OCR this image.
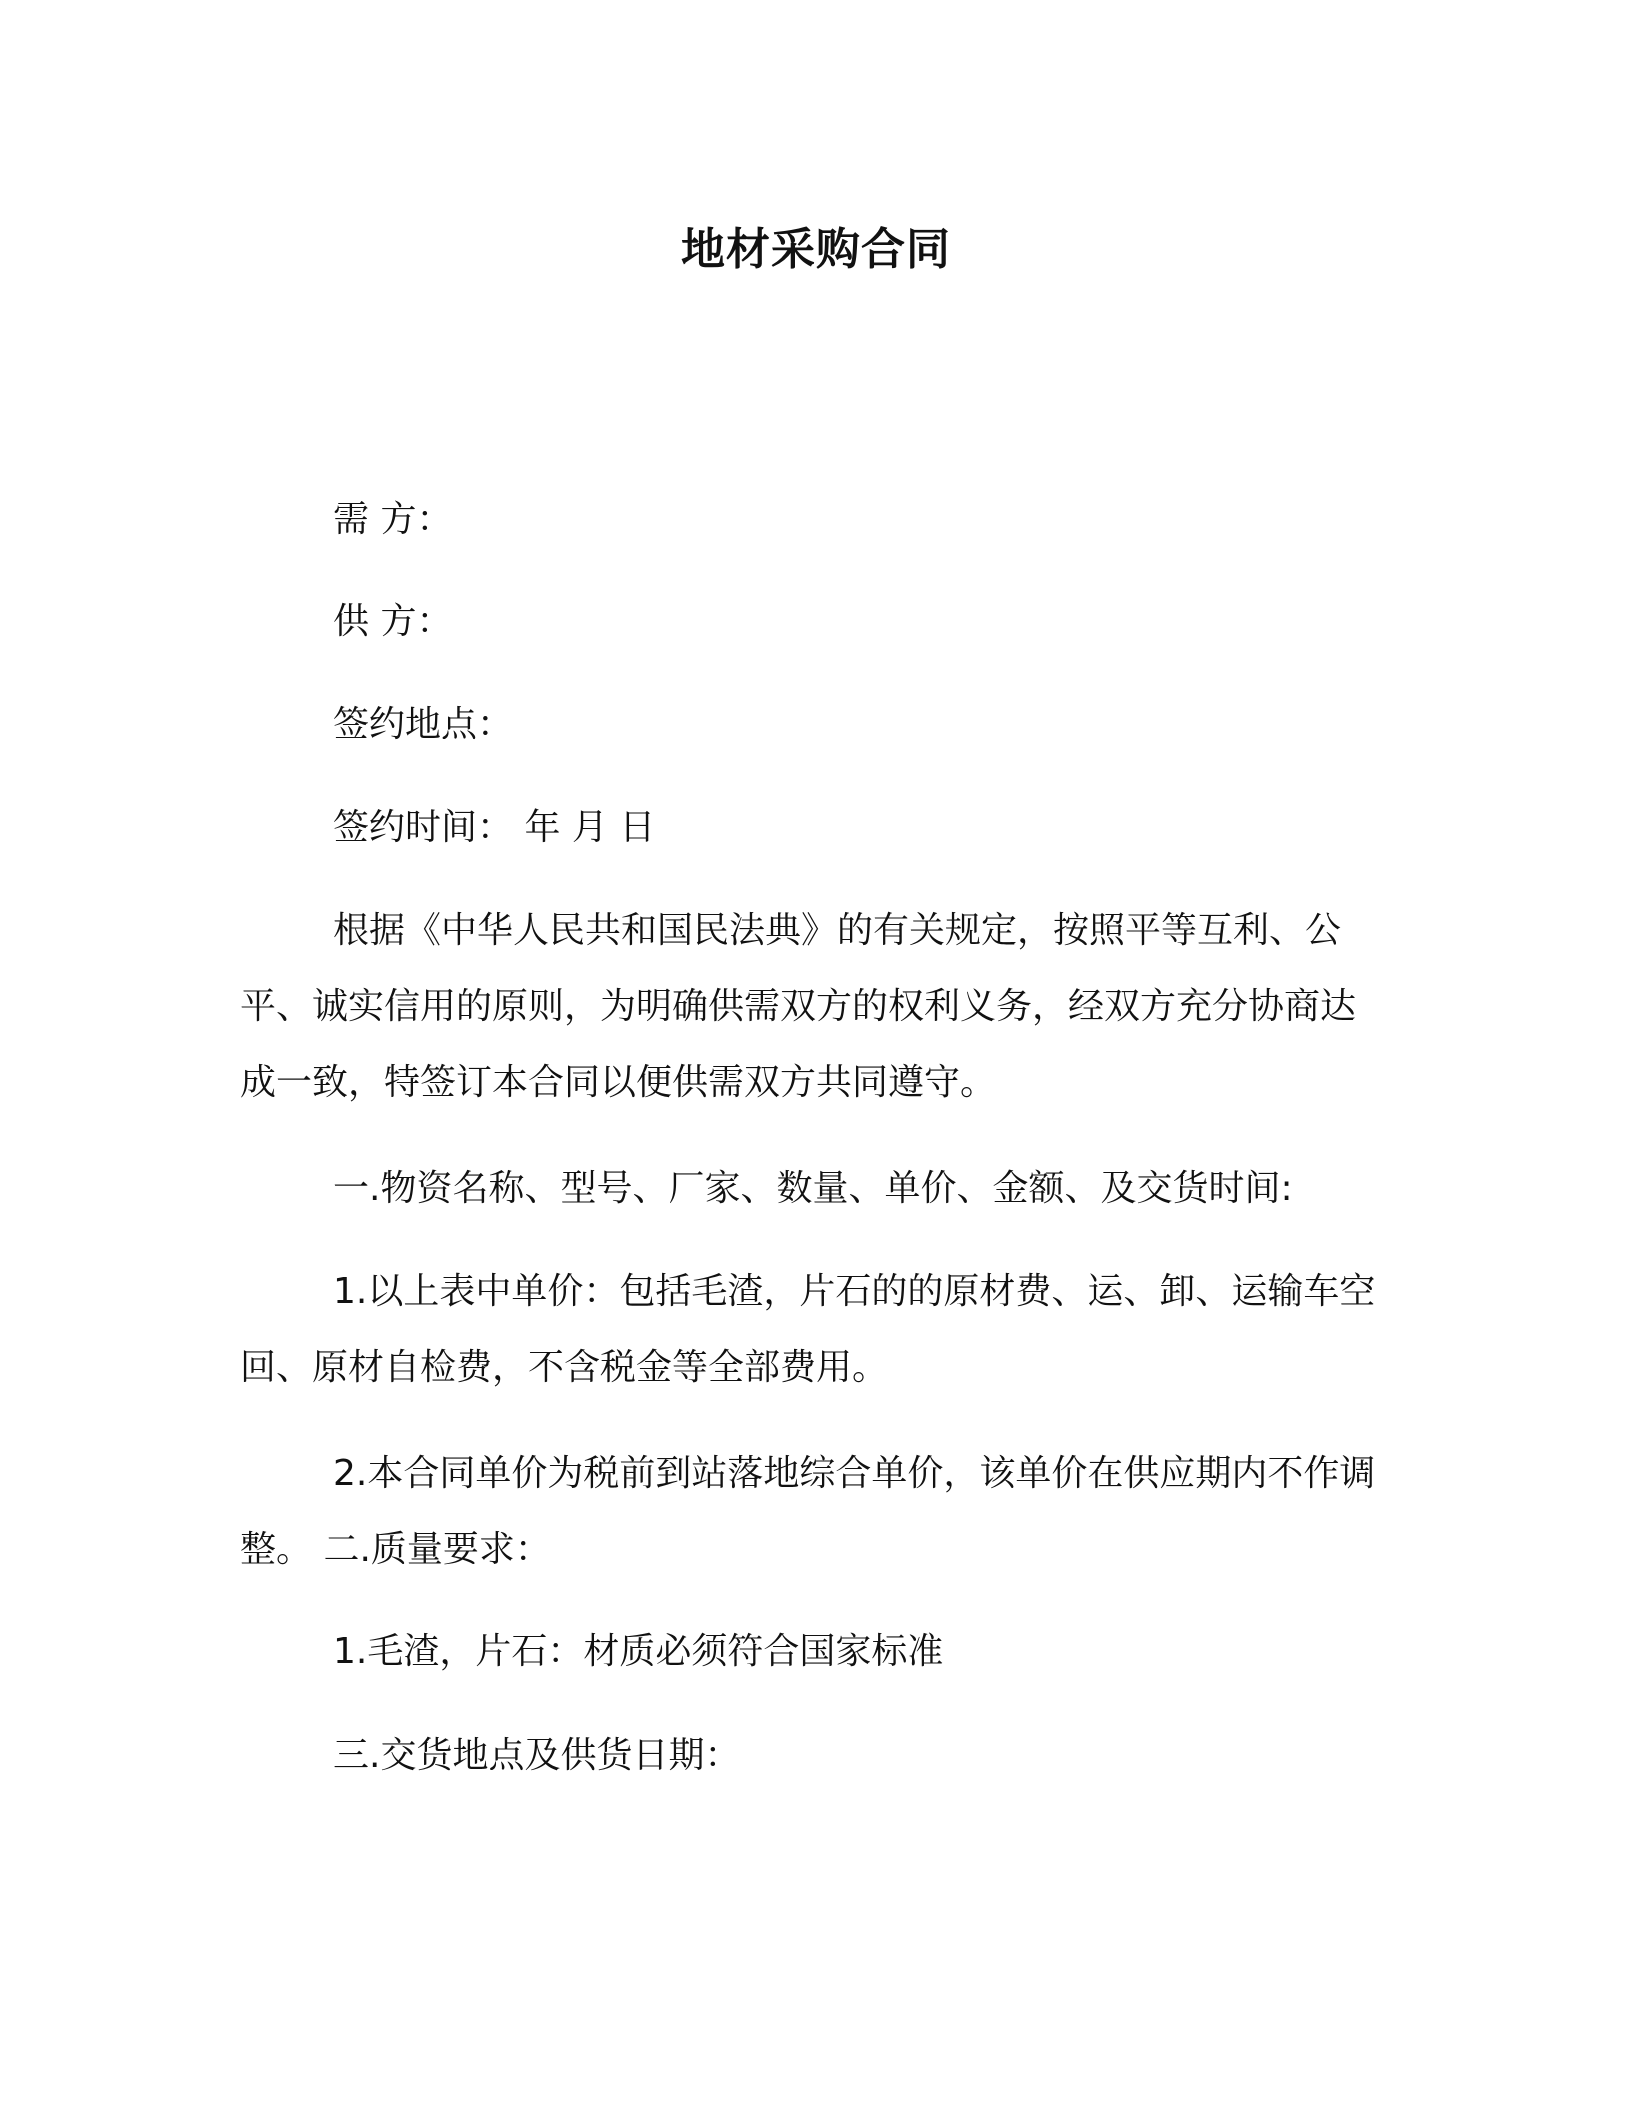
地材采购合同
需 方：
供 方：
签约地点：
签约时间： 年 月 日
根据《中华人民共和国民法典》的有关规定，按照平等互利、公平、诚实信用的原则，为明确供需双方的权利义务，经双方充分协商达成一致，特签订本合同以便供需双方共同遵守。
一.物资名称、型号、厂家、数量、单价、金额、及交货时间:
1.以上表中单价：包括毛渣，片石的的原材费、运、卸、运输车空回、原材自检费，不含税金等全部费用。
2.本合同单价为税前到站落地综合单价，该单价在供应期内不作调整。 二.质量要求：
1.毛渣，片石：材质必须符合国家标准
三.交货地点及供货日期：
